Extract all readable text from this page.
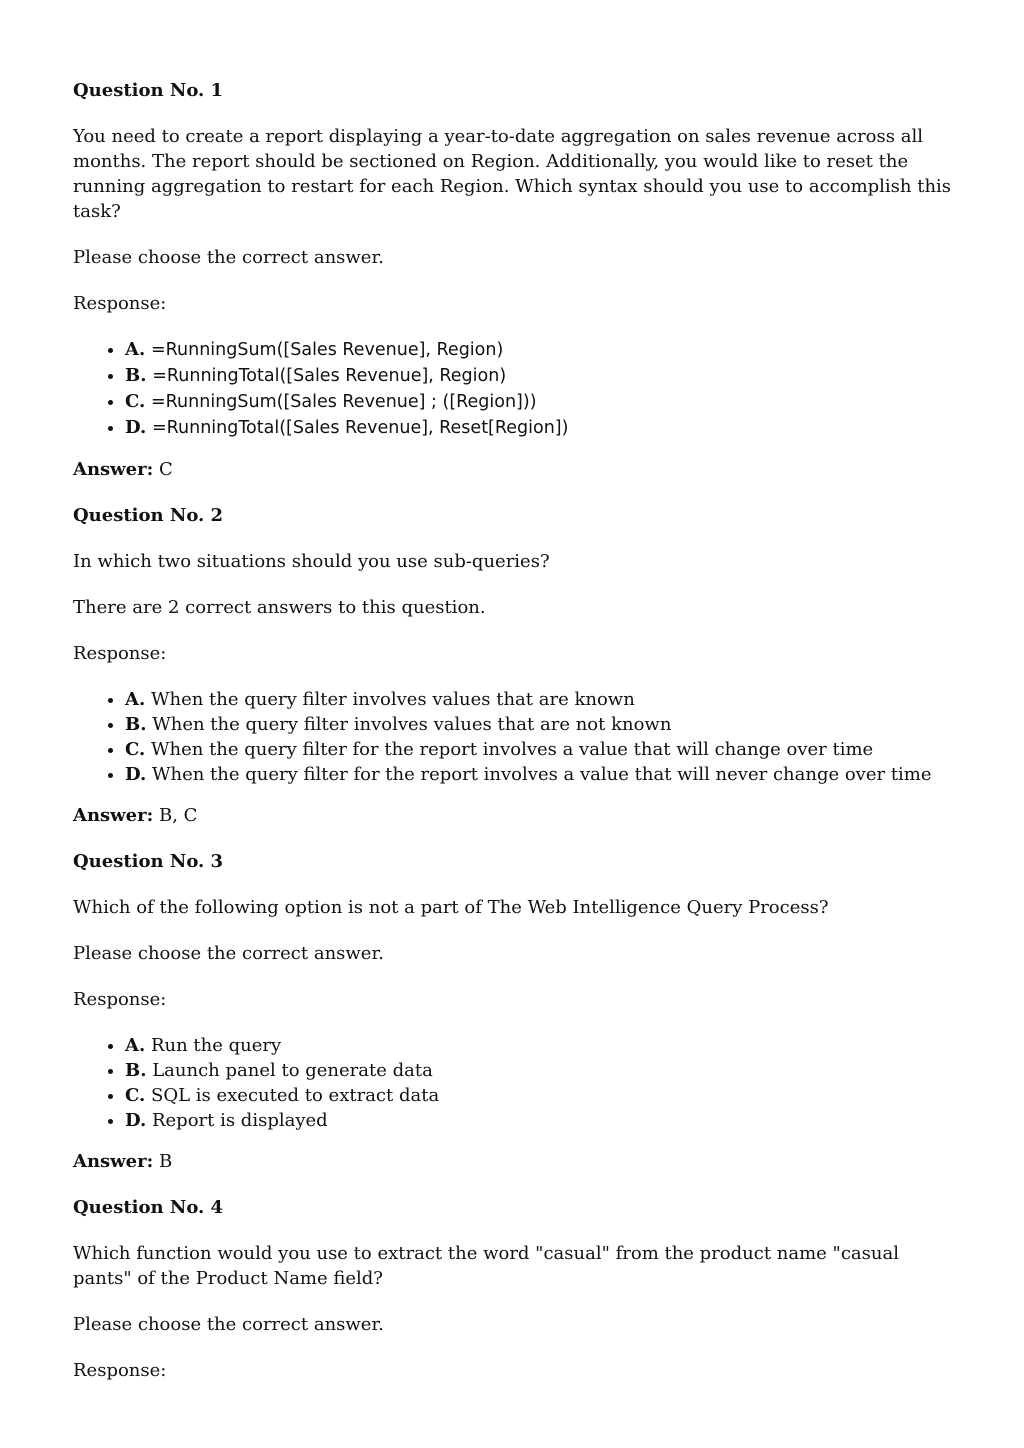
Question No. 1

You need to create a report displaying a year-to-date aggregation on sales revenue across all months. The report should be sectioned on Region. Additionally, you would like to reset the running aggregation to restart for each Region. Which syntax should you use to accomplish this task?

Please choose the correct answer.

Response:

• A. =RunningSum([Sales Revenue], Region)
• B. =RunningTotal([Sales Revenue], Region)
• C. =RunningSum([Sales Revenue] ; ([Region]))
• D. =RunningTotal([Sales Revenue], Reset[Region])

Answer: C

Question No. 2

In which two situations should you use sub-queries?

There are 2 correct answers to this question.

Response:

• A. When the query filter involves values that are known
• B. When the query filter involves values that are not known
• C. When the query filter for the report involves a value that will change over time
• D. When the query filter for the report involves a value that will never change over time

Answer: B, C

Question No. 3

Which of the following option is not a part of The Web Intelligence Query Process?

Please choose the correct answer.

Response:

• A. Run the query
• B. Launch panel to generate data
• C. SQL is executed to extract data
• D. Report is displayed

Answer: B

Question No. 4

Which function would you use to extract the word "casual" from the product name "casual pants" of the Product Name field?

Please choose the correct answer.

Response:
